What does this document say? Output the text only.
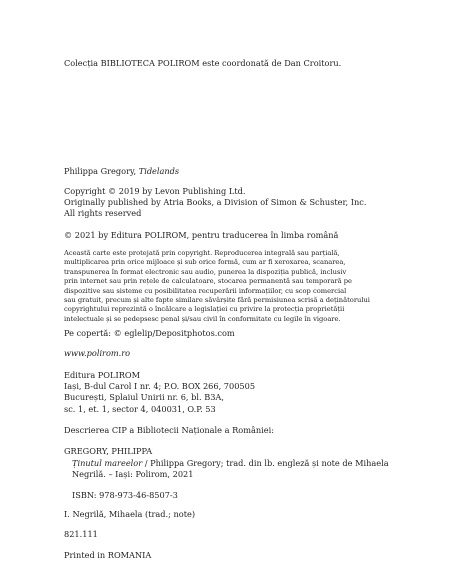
Colecția BIBLIOTECA POLIROM este coordonată de Dan Croitoru.
Philippa Gregory, Tidelands
Copyright © 2019 by Levon Publishing Ltd.
Originally published by Atria Books, a Division of Simon & Schuster, Inc.
All rights reserved
© 2021 by Editura POLIROM, pentru traducerea în limba română
Această carte este protejată prin copyright. Reproducerea integrală sau parțială,
multiplicarea prin orice mijloace și sub orice formă, cum ar fi xeroxarea, scanarea,
transpunerea în format electronic sau audio, punerea la dispoziția publică, inclusiv
prin internet sau prin rețele de calculatoare, stocarea permanentă sau temporară pe
dispozitive sau sisteme cu posibilitatea recuperării informațiilor, cu scop comercial
sau gratuit, precum și alte fapte similare săvârșite fără permisiunea scrisă a deținătorului
copyrightului reprezintă o încălcare a legislației cu privire la protecția proprietății
intelectuale și se pedepsesc penal și/sau civil în conformitate cu legile în vigoare.
Pe copertă: © eglelip/Depositphotos.com
www.polirom.ro
Editura POLIROM
Iași, B-dul Carol I nr. 4; P.O. BOX 266, 700505
București, Splaiul Unirii nr. 6, bl. B3A,
sc. 1, et. 1, sector 4, 040031, O.P. 53
Descrierea CIP a Bibliotecii Naționale a României:
GREGORY, PHILIPPA
Ținutul mareelor / Philippa Gregory; trad. din lb. engleză și note de Mihaela
Negrilă. – Iași: Polirom, 2021
ISBN: 978-973-46-8507-3
I. Negrilă, Mihaela (trad.; note)
821.111
Printed in ROMANIA
